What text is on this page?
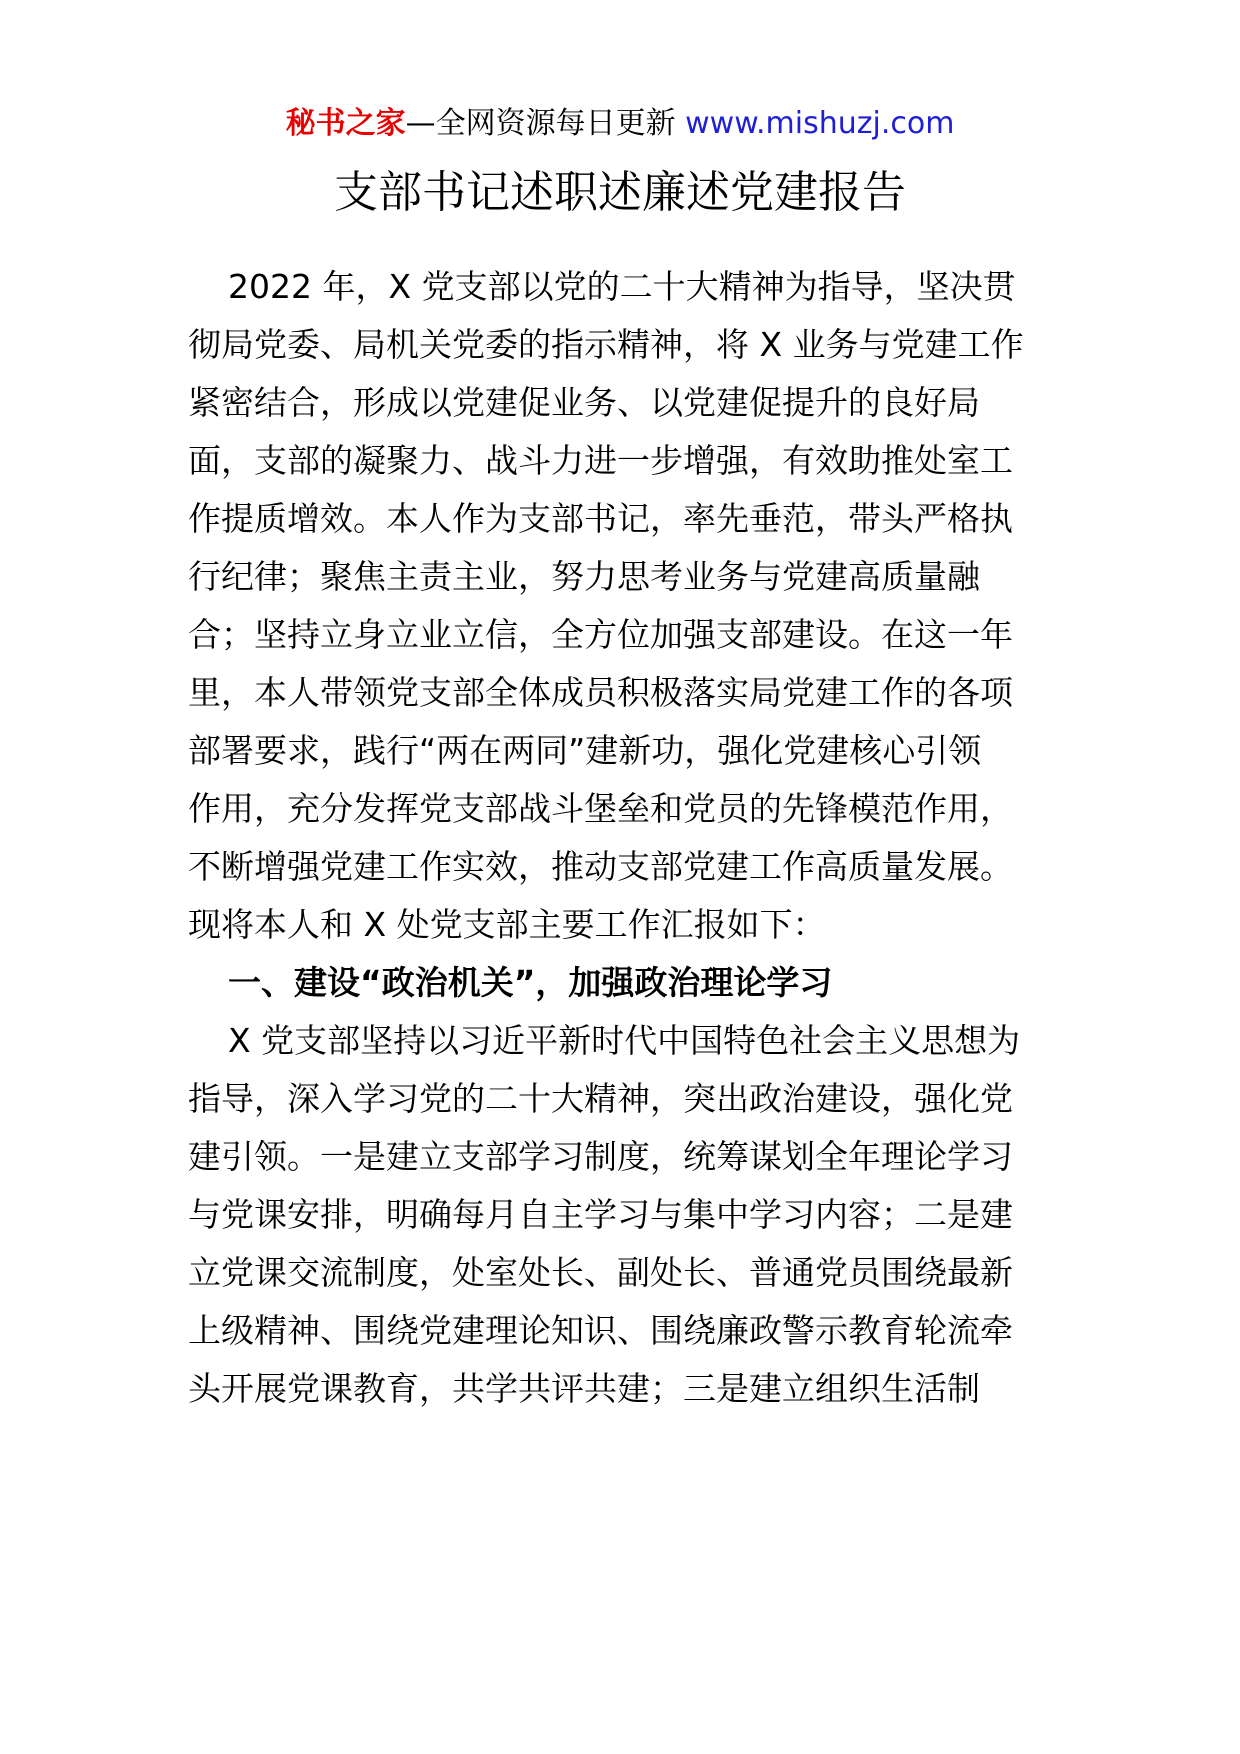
秘书之家—全网资源每日更新 www.mishuzj.com
支部书记述职述廉述党建报告

2022 年，X 党支部以党的二十大精神为指导，坚决贯

彻局党委、局机关党委的指示精神，将 X 业务与党建工作

紧密结合，形成以党建促业务、以党建促提升的良好局

面，支部的凝聚力、战斗力进一步增强，有效助推处室工

作提质增效。本人作为支部书记，率先垂范，带头严格执

行纪律；聚焦主责主业，努力思考业务与党建高质量融

合；坚持立身立业立信，全方位加强支部建设。在这一年

里，本人带领党支部全体成员积极落实局党建工作的各项

部署要求，践行“两在两同”建新功，强化党建核心引领

作用，充分发挥党支部战斗堡垒和党员的先锋模范作用，

不断增强党建工作实效，推动支部党建工作高质量发展。

现将本人和 X 处党支部主要工作汇报如下：

一、建设“政治机关”，加强政治理论学习

X 党支部坚持以习近平新时代中国特色社会主义思想为

指导，深入学习党的二十大精神，突出政治建设，强化党

建引领。一是建立支部学习制度，统筹谋划全年理论学习

与党课安排，明确每月自主学习与集中学习内容；二是建

立党课交流制度，处室处长、副处长、普通党员围绕最新

上级精神、围绕党建理论知识、围绕廉政警示教育轮流牵

头开展党课教育，共学共评共建；三是建立组织生活制
